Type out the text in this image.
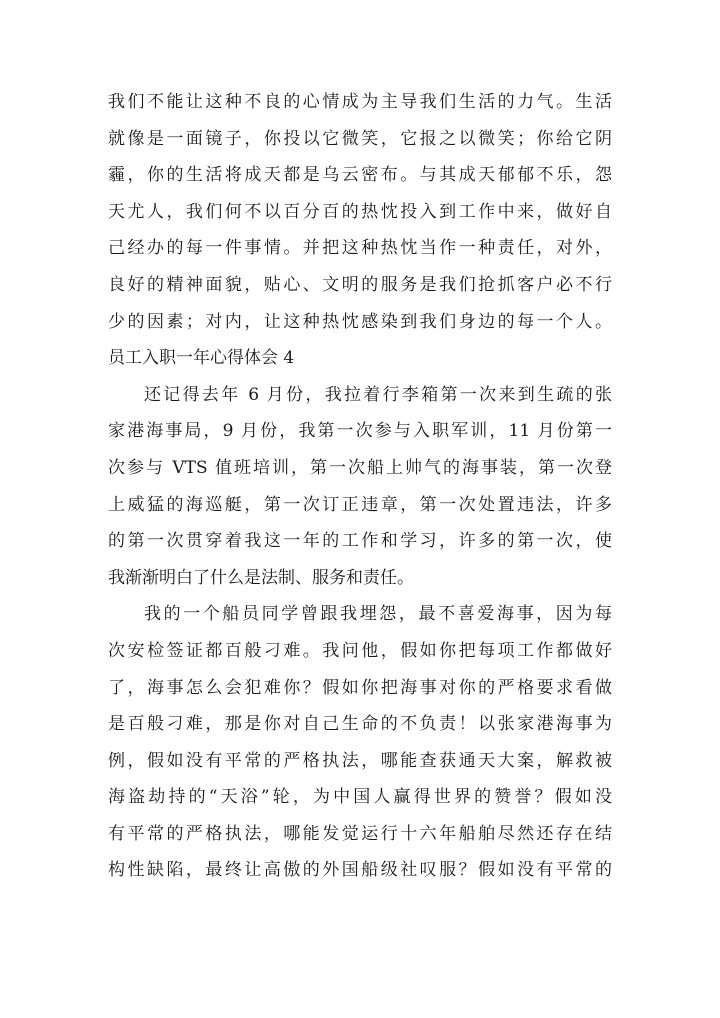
我们不能让这种不良的心情成为主导我们生活的力气。生活
就像是一面镜子，你投以它微笑，它报之以微笑；你给它阴
霾，你的生活将成天都是乌云密布。与其成天郁郁不乐，怨
天尤人，我们何不以百分百的热忱投入到工作中来，做好自
己经办的每一件事情。并把这种热忱当作一种责任，对外，
良好的精神面貌，贴心、文明的服务是我们抢抓客户必不行
少的因素；对内，让这种热忱感染到我们身边的每一个人。
员工入职一年心得体会 4
还记得去年 6 月份，我拉着行李箱第一次来到生疏的张
家港海事局，9 月份，我第一次参与入职军训，11 月份第一
次参与 VTS 值班培训，第一次船上帅气的海事装，第一次登
上威猛的海巡艇，第一次订正违章，第一次处置违法，许多
的第一次贯穿着我这一年的工作和学习，许多的第一次，使
我渐渐明白了什么是法制、服务和责任。
我的一个船员同学曾跟我埋怨，最不喜爱海事，因为每
次安检签证都百般刁难。我问他，假如你把每项工作都做好
了，海事怎么会犯难你？假如你把海事对你的严格要求看做
是百般刁难，那是你对自己生命的不负责！以张家港海事为
例，假如没有平常的严格执法，哪能查获通天大案，解救被
海盗劫持的“天浴”轮，为中国人赢得世界的赞誉？假如没
有平常的严格执法，哪能发觉运行十六年船舶尽然还存在结
构性缺陷，最终让高傲的外国船级社叹服？假如没有平常的
